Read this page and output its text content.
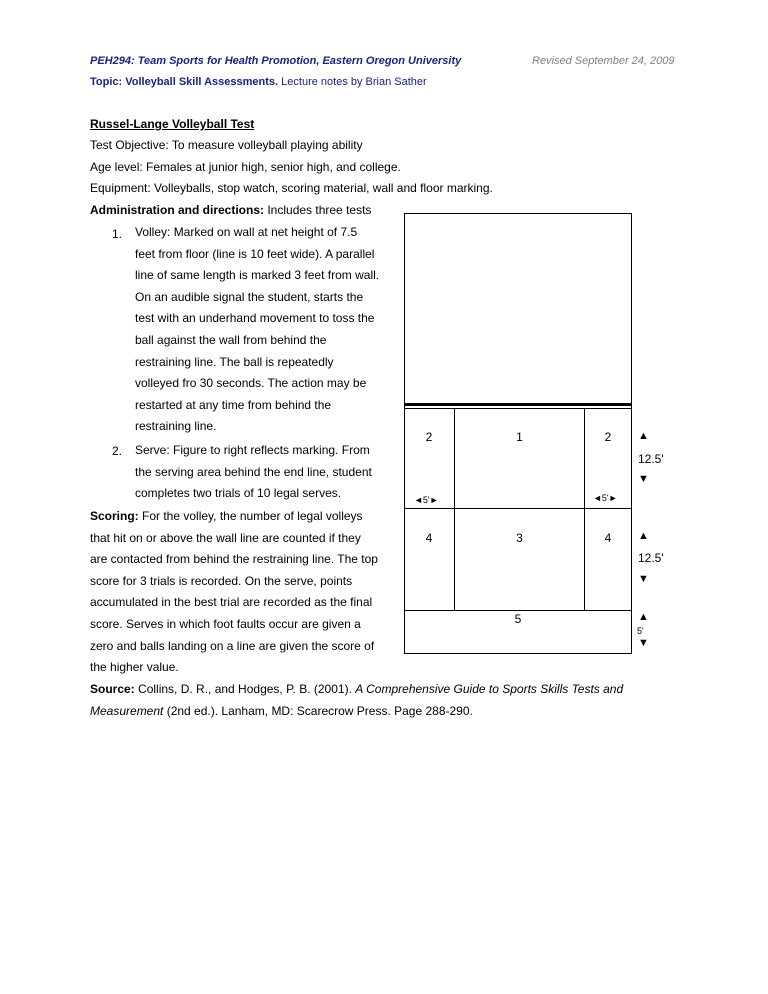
PEH294: Team Sports for Health Promotion, Eastern Oregon University	Revised September 24, 2009
Topic: Volleyball Skill Assessments. Lecture notes by Brian Sather
Russel-Lange Volleyball Test
Test Objective: To measure volleyball playing ability
Age level: Females at junior high, senior high, and college.
Equipment: Volleyballs, stop watch, scoring material, wall and floor marking.
Administration and directions: Includes three tests
1. Volley: Marked on wall at net height of 7.5
feet from floor (line is 10 feet wide). A parallel
line of same length is marked 3 feet from wall.
On an audible signal the student, starts the
test with an underhand movement to toss the
ball against the wall from behind the
restraining line. The ball is repeatedly
volleyed fro 30 seconds. The action may be
restarted at any time from behind the
restraining line.
2. Serve: Figure to right reflects marking. From
the serving area behind the end line, student
completes two trials of 10 legal serves.
Scoring: For the volley, the number of legal volleys
that hit on or above the wall line are counted if they
are contacted from behind the restraining line. The top
score for 3 trials is recorded. On the serve, points
accumulated in the best trial are recorded as the final
score. Serves in which foot faults occur are given a
zero and balls landing on a line are given the score of
the higher value.
Source: Collins, D. R., and Hodges, P. B. (2001). A Comprehensive Guide to Sports Skills Tests and
Measurement (2nd ed.). Lanham, MD: Scarecrow Press. Page 288-290.
2	1	2
4	3	4
5
◄5'►	◄5'►
▲
12.5'
▼
▲
12.5'
▼
▲
5'
▼
